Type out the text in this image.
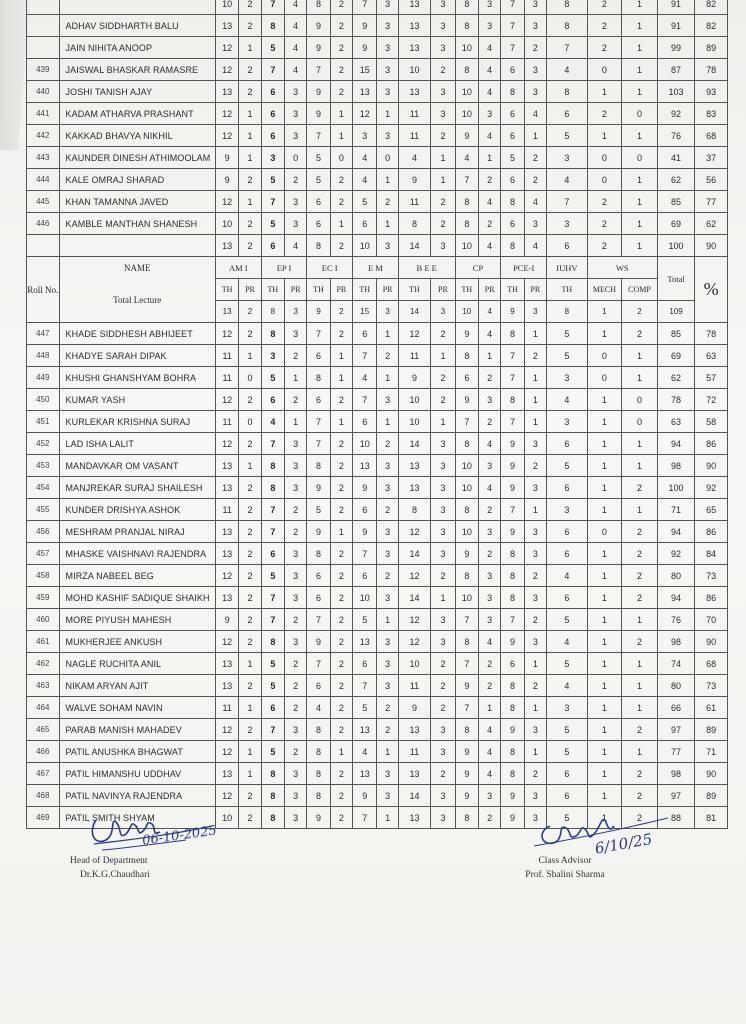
		10	2	7	4	8	2	7	3	13	3	8	3	7	3	8	2	1	91	82
	ADHAV SIDDHARTH BALU	13	2	8	4	9	2	9	3	13	3	8	3	7	3	8	2	1	91	82
	JAIN NIHITA ANOOP	12	1	5	4	9	2	9	3	13	3	10	4	7	2	7	2	1	99	89
439	JAISWAL BHASKAR RAMASRE	12	2	7	4	7	2	15	3	10	2	8	4	6	3	4	0	1	87	78
440	JOSHI TANISH AJAY	13	2	6	3	9	2	13	3	13	3	10	4	8	3	8	1	1	103	93
441	KADAM ATHARVA PRASHANT	12	1	6	3	9	1	12	1	11	3	10	3	6	4	6	2	0	92	83
442	KAKKAD BHAVYA NIKHIL	12	1	6	3	7	1	3	3	11	2	9	4	6	1	5	1	1	76	68
443	KAUNDER DINESH ATHIMOOLAM	9	1	3	0	5	0	4	0	4	1	4	1	5	2	3	0	0	41	37
444	KALE OMRAJ SHARAD	9	2	5	2	5	2	4	1	9	1	7	2	6	2	4	0	1	62	56
445	KHAN TAMANNA JAVED	12	1	7	3	6	2	5	2	11	2	8	4	8	4	7	2	1	85	77
446	KAMBLE MANTHAN SHANESH	10	2	5	3	6	1	6	1	8	2	8	2	6	3	3	2	1	69	62
		13	2	6	4	8	2	10	3	14	3	10	4	8	4	6	2	1	100	90
Roll No.	NAME	AM I		EP I		EC I		E M		B E E		CP		PCE-I		IUHV	WS		Total	%
	Total Lecture	TH	PR	TH	PR	TH	PR	TH	PR	TH	PR	TH	PR	TH	PR	TH	MECH	COMP		
		13	2	8	3	9	2	15	3	14	3	10	4	9	3	8	1	2	109	
447	KHADE SIDDHESH ABHIJEET	12	2	8	3	7	2	6	1	12	2	9	4	8	1	5	1	2	85	78
448	KHADYE SARAH DIPAK	11	1	3	2	6	1	7	2	11	1	8	1	7	2	5	0	1	69	63
449	KHUSHI GHANSHYAM BOHRA	11	0	5	1	8	1	4	1	9	2	6	2	7	1	3	0	1	62	57
450	KUMAR YASH	12	2	6	2	6	2	7	3	10	2	9	3	8	1	4	1	0	78	72
451	KURLEKAR KRISHNA SURAJ	11	0	4	1	7	1	6	1	10	1	7	2	7	1	3	1	0	63	58
452	LAD ISHA LALIT	12	2	7	3	7	2	10	2	14	3	8	4	9	3	6	1	1	94	86
453	MANDAVKAR OM VASANT	13	1	8	3	8	2	13	3	13	3	10	3	9	2	5	1	1	98	90
454	MANJREKAR SURAJ SHAILESH	13	2	8	3	9	2	9	3	13	3	10	4	9	3	6	1	2	100	92
455	KUNDER DRISHYA ASHOK	11	2	7	2	5	2	6	2	8	3	8	2	7	1	3	1	1	71	65
456	MESHRAM PRANJAL NIRAJ	13	2	7	2	9	1	9	3	12	3	10	3	9	3	6	0	2	94	86
457	MHASKE VAISHNAVI RAJENDRA	13	2	6	3	8	2	7	3	14	3	9	2	8	3	6	1	2	92	84
458	MIRZA NABEEL BEG	12	2	5	3	6	2	6	2	12	2	8	3	8	2	4	1	2	80	73
459	MOHD KASHIF SADIQUE SHAIKH	13	2	7	3	6	2	10	3	14	1	10	3	8	3	6	1	2	94	86
460	MORE PIYUSH MAHESH	9	2	7	2	7	2	5	1	12	3	7	3	7	2	5	1	1	76	70
461	MUKHERJEE ANKUSH	12	2	8	3	9	2	13	3	12	3	8	4	9	3	4	1	2	98	90
462	NAGLE RUCHITA ANIL	13	1	5	2	7	2	6	3	10	2	7	2	6	1	5	1	1	74	68
463	NIKAM ARYAN AJIT	13	2	5	2	6	2	7	3	11	2	9	2	8	2	4	1	1	80	73
464	WALVE SOHAM NAVIN	11	1	6	2	4	2	5	2	9	2	7	1	8	1	3	1	1	66	61
465	PARAB MANISH MAHADEV	12	2	7	3	8	2	13	2	13	3	8	4	9	3	5	1	2	97	89
466	PATIL ANUSHKA BHAGWAT	12	1	5	2	8	1	4	1	11	3	9	4	8	1	5	1	1	77	71
467	PATIL HIMANSHU UDDHAV	13	1	8	3	8	2	13	3	13	2	9	4	8	2	6	1	2	98	90
468	PATIL NAVINYA RAJENDRA	12	2	8	3	8	2	9	3	14	3	9	3	9	3	6	1	2	97	89
469	PATIL SMITH SHYAM	10	2	8	3	9	2	7	1	13	3	8	2	9	3	5	1	2	88	81
06-10-2025
Head of Department
Dr.K.G.Chaudhari
6/10/25
Class Advisor
Prof. Shalini Sharma
